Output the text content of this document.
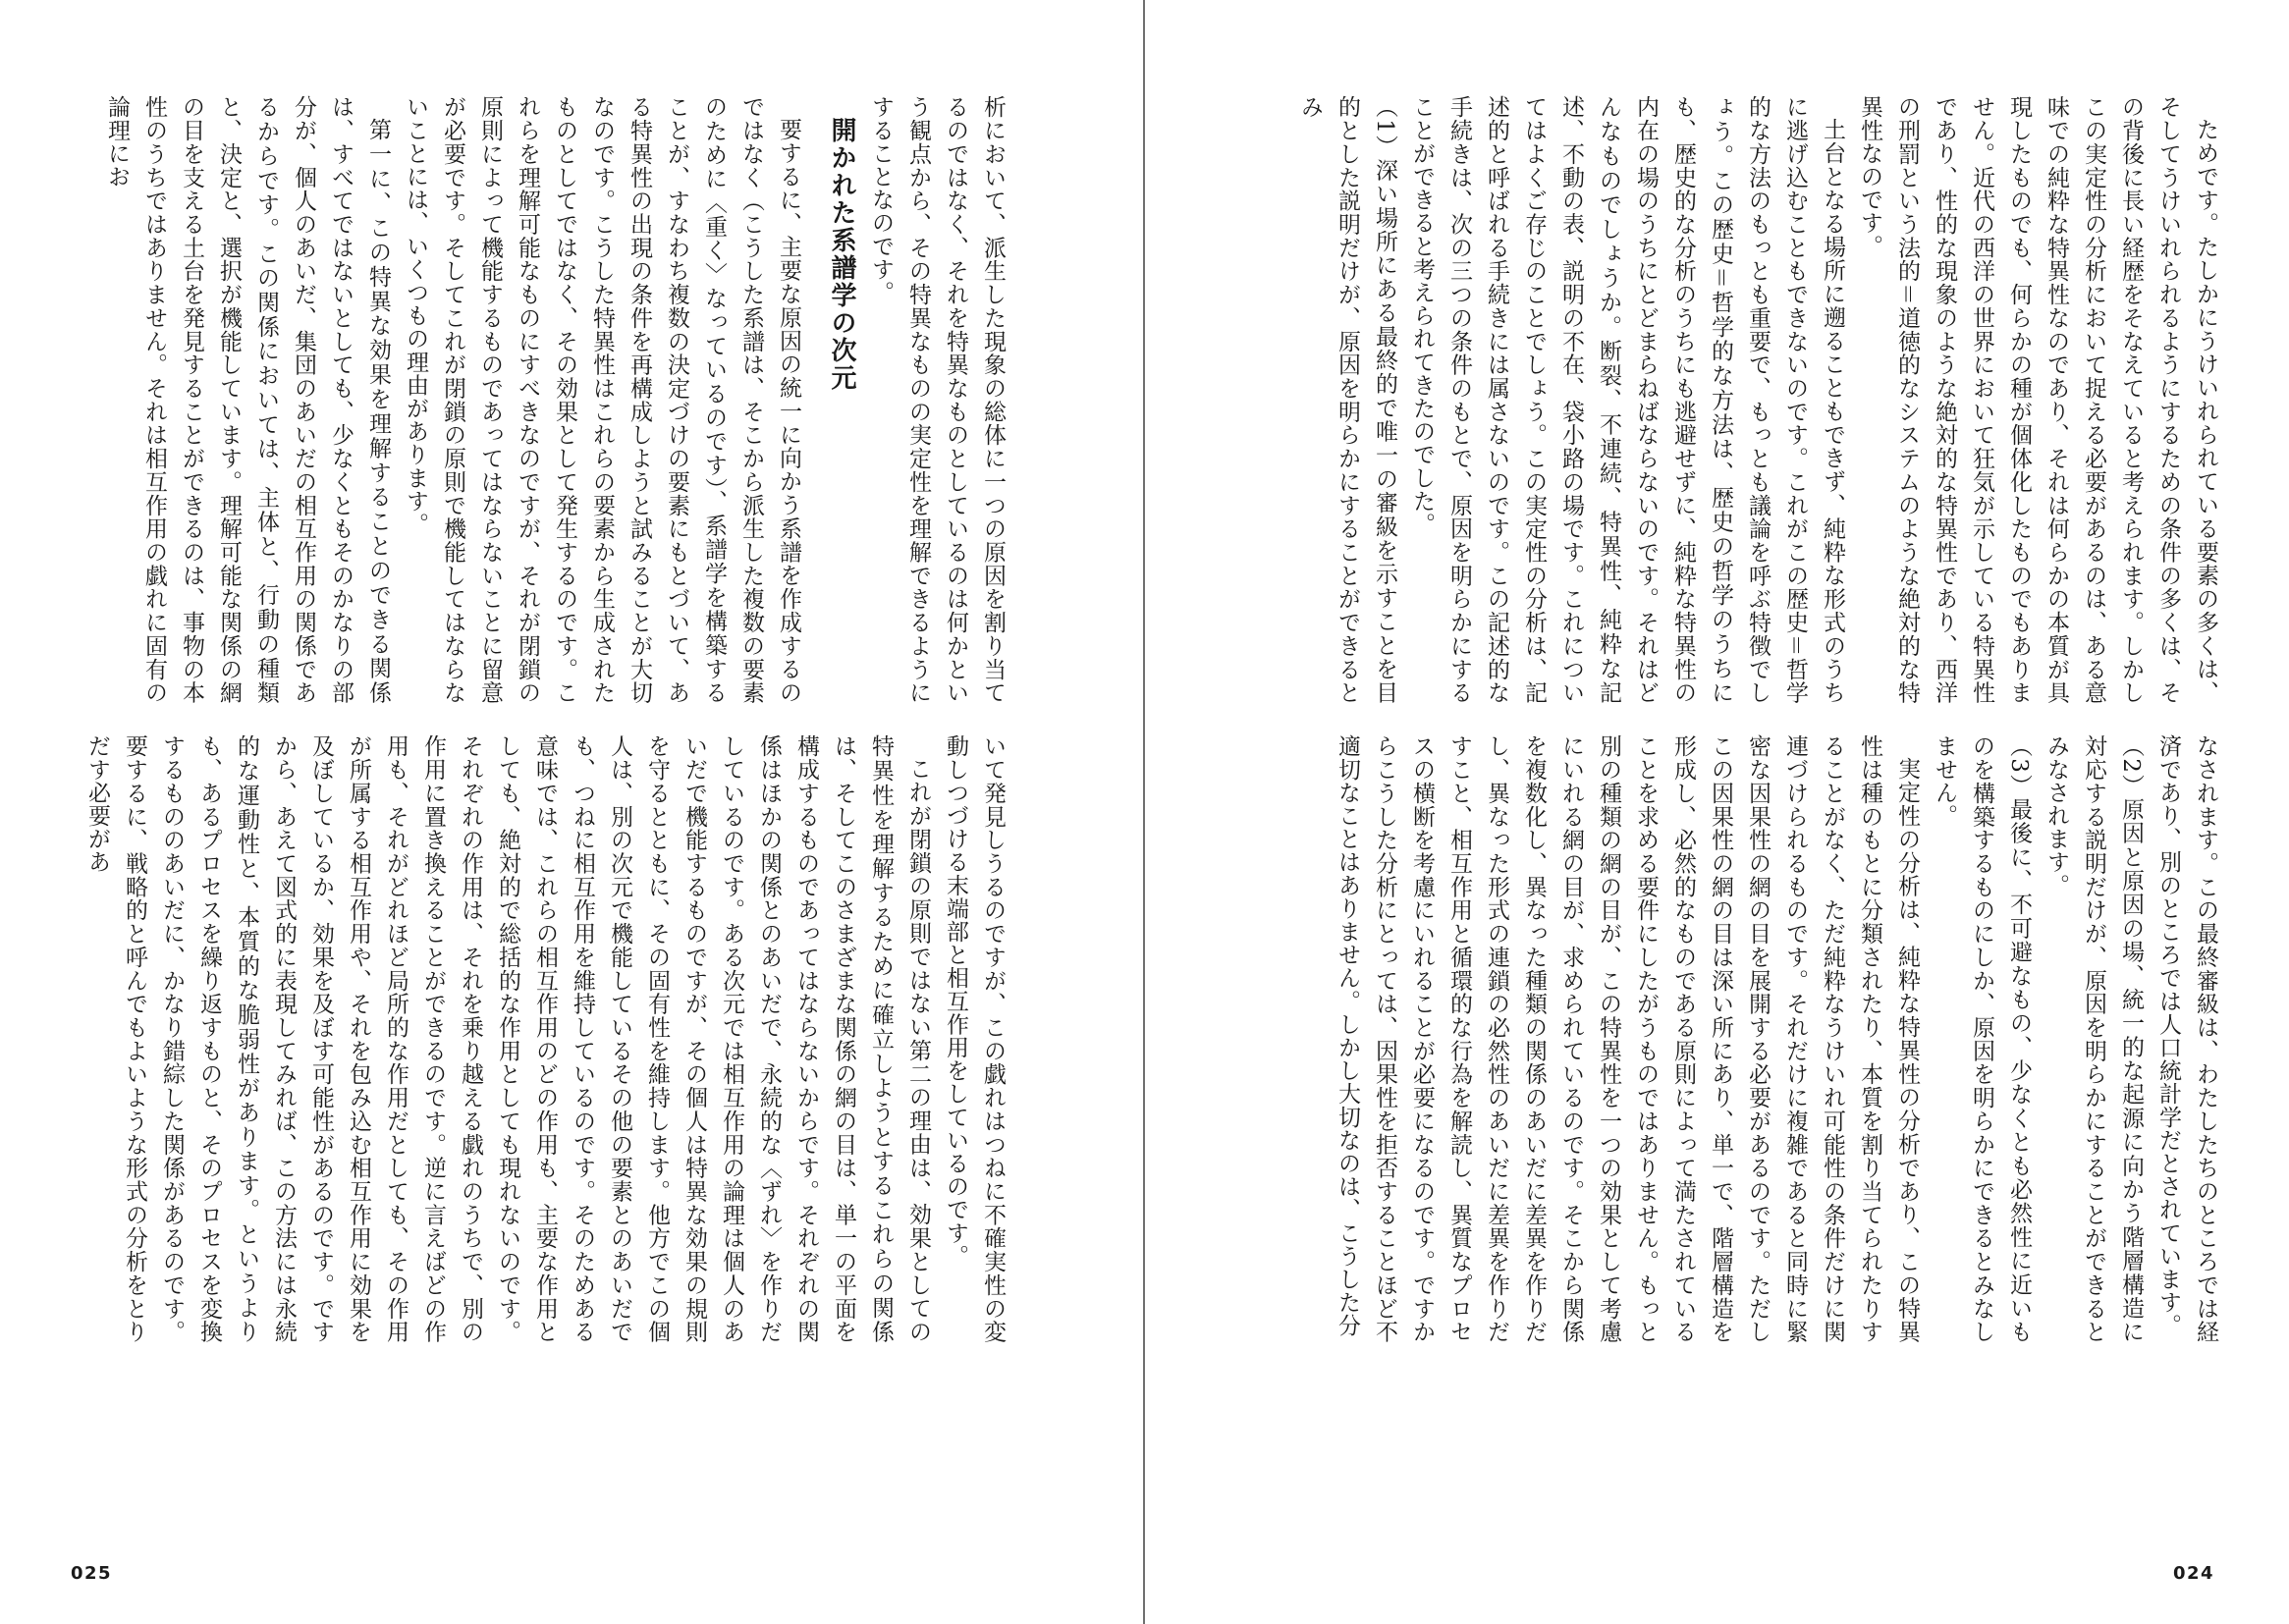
ためです。たしかにうけいれられている要素の多くは、そしてうけいれられるようにするための条件の多くは、その背後に長い経歴をそなえていると考えられます。しかしこの実定性の分析において捉える必要があるのは、ある意味での純粋な特異性なのであり、それは何らかの本質が具現したものでも、何らかの種が個体化したものでもありません。近代の西洋の世界において狂気が示している特異性であり、性的な現象のような絶対的な特異性であり、西洋の刑罰という法的＝道徳的なシステムのような絶対的な特異性なのです。

土台となる場所に遡ることもできず、純粋な形式のうちに逃げ込むこともできないのです。これがこの歴史＝哲学的な方法のもっとも重要で、もっとも議論を呼ぶ特徴でしょう。この歴史＝哲学的な方法は、歴史の哲学のうちにも、歴史的な分析のうちにも逃避せずに、純粋な特異性の内在の場のうちにとどまらねばならないのです。それはどんなものでしょうか。断裂、不連続、特異性、純粋な記述、不動の表、説明の不在、袋小路の場です。これについてはよくご存じのことでしょう。この実定性の分析は、記述的と呼ばれる手続きには属さないのです。この記述的な手続きは、次の三つの条件のもとで、原因を明らかにすることができると考えられてきたのでした。

（1）深い場所にある最終的で唯一の審級を示すことを目的とした説明だけが、原因を明らかにすることができるとみ

なされます。この最終審級は、わたしたちのところでは経済であり、別のところでは人口統計学だとされています。

（2）原因と原因の場、統一的な起源に向かう階層構造に対応する説明だけが、原因を明らかにすることができるとみなされます。

（3）最後に、不可避なもの、少なくとも必然性に近いものを構築するものにしか、原因を明らかにできるとみなしません。

実定性の分析は、純粋な特異性の分析であり、この特異性は種のもとに分類されたり、本質を割り当てられたりすることがなく、ただ純粋なうけいれ可能性の条件だけに関連づけられるものです。それだけに複雑であると同時に緊密な因果性の網の目を展開する必要があるのです。ただしこの因果性の網の目は深い所にあり、単一で、階層構造を形成し、必然的なものである原則によって満たされていることを求める要件にしたがうものではありません。もっと別の種類の網の目が、この特異性を一つの効果として考慮にいれる網の目が、求められているのです。そこから関係を複数化し、異なった種類の関係のあいだに差異を作りだし、異なった形式の連鎖の必然性のあいだに差異を作りだすこと、相互作用と循環的な行為を解読し、異質なプロセスの横断を考慮にいれることが必要になるのです。ですからこうした分析にとっては、因果性を拒否することほど不適切なことはありません。しかし大切なのは、こうした分

析において、派生した現象の総体に一つの原因を割り当てるのではなく、それを特異なものとしているのは何かという観点から、その特異なものの実定性を理解できるようにすることなのです。

開かれた系譜学の次元

要するに、主要な原因の統一に向かう系譜を作成するのではなく（こうした系譜は、そこから派生した複数の要素のために〈重く〉なっているのです）、系譜学を構築することが、すなわち複数の決定づけの要素にもとづいて、ある特異性の出現の条件を再構成しようと試みることが大切なのです。こうした特異性はこれらの要素から生成されたものとしてではなく、その効果として発生するのです。これらを理解可能なものにすべきなのですが、それが閉鎖の原則によって機能するものであってはならないことに留意が必要です。そしてこれが閉鎖の原則で機能してはならないことには、いくつもの理由があります。

第一に、この特異な効果を理解することのできる関係は、すべてではないとしても、少なくともそのかなりの部分が、個人のあいだ、集団のあいだの相互作用の関係であるからです。この関係においては、主体と、行動の種類と、決定と、選択が機能しています。理解可能な関係の網の目を支える土台を発見することができるのは、事物の本性のうちではありません。それは相互作用の戯れに固有の論理にお

いて発見しうるのですが、この戯れはつねに不確実性の変動しつづける末端部と相互作用をしているのです。

これが閉鎖の原則ではない第二の理由は、効果としての特異性を理解するために確立しようとするこれらの関係は、そしてこのさまざまな関係の網の目は、単一の平面を構成するものであってはならないからです。それぞれの関係はほかの関係とのあいだで、永続的な〈ずれ〉を作りだしているのです。ある次元では相互作用の論理は個人のあいだで機能するものですが、その個人は特異な効果の規則を守るとともに、その固有性を維持します。他方でこの個人は、別の次元で機能しているその他の要素とのあいだでも、つねに相互作用を維持しているのです。そのためある意味では、これらの相互作用のどの作用も、主要な作用としても、絶対的で総括的な作用としても現れないのです。それぞれの作用は、それを乗り越える戯れのうちで、別の作用に置き換えることができるのです。逆に言えばどの作用も、それがどれほど局所的な作用だとしても、その作用が所属する相互作用や、それを包み込む相互作用に効果を及ぼしているか、効果を及ぼす可能性があるのです。ですから、あえて図式的に表現してみれば、この方法には永続的な運動性と、本質的な脆弱性があります。というよりも、あるプロセスを繰り返すものと、そのプロセスを変換するもののあいだに、かなり錯綜した関係があるのです。要するに、戦略的と呼んでもよいような形式の分析をとりだす必要があ

025	024
